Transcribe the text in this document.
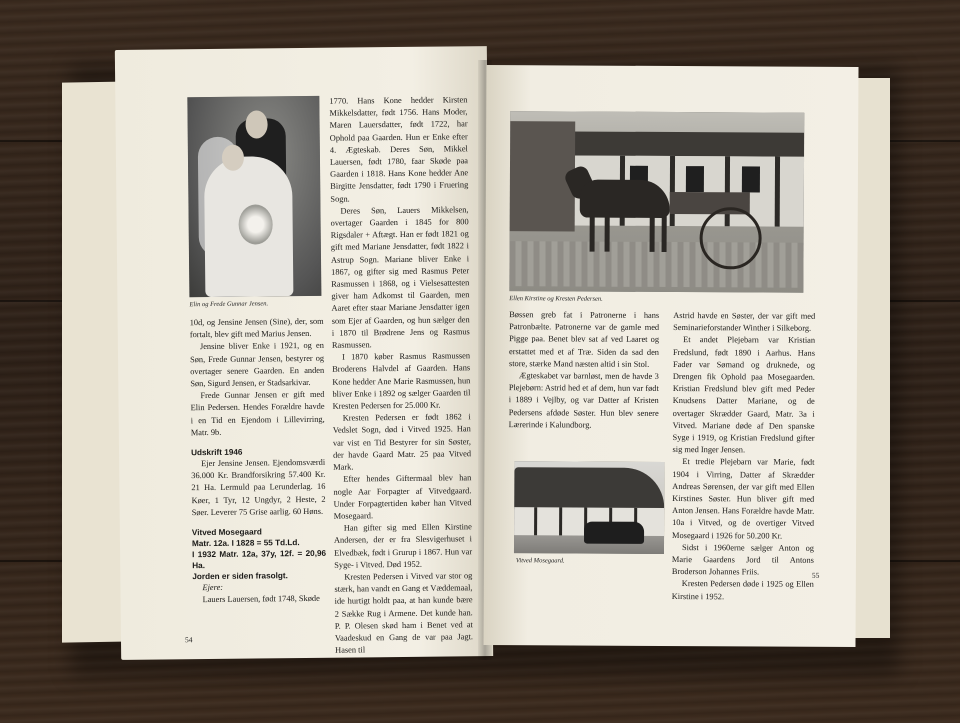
Elin og Frede Gunnar Jensen.

10d, og Jensine Jensen (Sine), der, som fortalt, blev gift med Marius Jensen.

Jensine bliver Enke i 1921, og en Søn, Frede Gunnar Jensen, bestyrer og overtager senere Gaarden. En anden Søn, Sigurd Jensen, er Stadsarkivar.

Frede Gunnar Jensen er gift med Elin Pedersen. Hendes Forældre havde i en Tid en Ejendom i Lillevirring, Matr. 9b.

Udskrift 1946

Ejer Jensine Jensen. Ejendomsværdi 36.000 Kr. Brandforsikring 57.400 Kr. 21 Ha. Lermuld paa Lerunderlag. 16 Køer, 1 Tyr, 12 Ungdyr, 2 Heste, 2 Søer. Leverer 75 Grise aarlig. 60 Høns.

Vitved Mosegaard

Matr. 12a. I 1828 = 55 Td.Ld.

I 1932 Matr. 12a, 37y, 12f. = 20,96 Ha.

Jorden er siden frasolgt.

Ejere:

Lauers Lauersen, født 1748, Skøde

1770. Hans Kone hedder Kirsten Mikkelsdatter, født 1756. Hans Moder, Maren Lauersdatter, født 1722, har Ophold paa Gaarden. Hun er Enke efter 4. Ægteskab. Deres Søn, Mikkel Lauersen, født 1780, faar Skøde paa Gaarden i 1818. Hans Kone hedder Ane Birgitte Jensdatter, født 1790 i Fruering Sogn.

Deres Søn, Lauers Mikkelsen, overtager Gaarden i 1845 for 800 Rigsdaler + Aftægt. Han er født 1821 og gift med Mariane Jensdatter, født 1822 i Astrup Sogn. Mariane bliver Enke i 1867, og gifter sig med Rasmus Peter Rasmussen i 1868, og i Vielsesattesten giver ham Adkomst til Gaarden, men Aaret efter staar Mariane Jensdatter igen som Ejer af Gaarden, og hun sælger den i 1870 til Brødrene Jens og Rasmus Rasmussen.

I 1870 køber Rasmus Rasmussen Broderens Halvdel af Gaarden. Hans Kone hedder Ane Marie Rasmussen, hun bliver Enke i 1892 og sælger Gaarden til Kresten Pedersen for 25.000 Kr.

Kresten Pedersen er født 1862 i Vedslet Sogn, død i Vitved 1925. Han var vist en Tid Bestyrer for sin Søster, der havde Gaard Matr. 25 paa Vitved Mark.

Efter hendes Giftermaal blev han nogle Aar Forpagter af Vitvedgaard. Under Forpagtertiden køber han Vitved Mosegaard.

Han gifter sig med Ellen Kirstine Andersen, der er fra Slesvigerhuset i Elvedbæk, født i Grurup i 1867. Hun var Syge- i Vitved. Død 1952.

Kresten Pedersen i Vitved var stor og stærk, han vandt en Gang et Væddemaal, ide hurtigt holdt paa, at han kunde bære 2 Sække Rug i Armene. Det kunde han. P. P. Olesen skød ham i Benet ved at Vaadeskud en Gang de var paa Jagt. Hasen til

54
Ellen Kirstine og Kresten Pedersen.

Bøssen greb fat i Patronerne i hans Patronbælte. Patronerne var de gamle med Pigge paa. Benet blev sat af ved Laaret og erstattet med et af Træ. Siden da sad den store, stærke Mand næsten altid i sin Stol.

Ægteskabet var barnløst, men de havde 3 Plejebørn: Astrid hed et af dem, hun var født i 1889 i Vejlby, og var Datter af Kristen Pedersens afdøde Søster. Hun blev senere Lærerinde i Kalundborg.

Vitved Mosegaard.

Astrid havde en Søster, der var gift med Seminarieforstander Winther i Silkeborg.

Et andet Plejebarn var Kristian Fredslund, født 1890 i Aarhus. Hans Fader var Sømand og druknede, og Drengen fik Ophold paa Mosegaarden. Kristian Fredslund blev gift med Peder Knudsens Datter Mariane, og de overtager Skrædder Gaard, Matr. 3a i Vitved. Mariane døde af Den spanske Syge i 1919, og Kristian Fredslund gifter sig med Inger Jensen.

Et tredie Plejebarn var Marie, født 1904 i Virring, Datter af Skrædder Andreas Sørensen, der var gift med Ellen Kirstines Søster. Hun bliver gift med Anton Jensen. Hans Forældre havde Matr. 10a i Vitved, og de overtiger Vitved Mosegaard i 1926 for 50.200 Kr.

Sidst i 1960erne sælger Anton og Marie Gaardens Jord til Antons Broderson Johannes Friis.

Kresten Pedersen døde i 1925 og Ellen Kirstine i 1952.

55
